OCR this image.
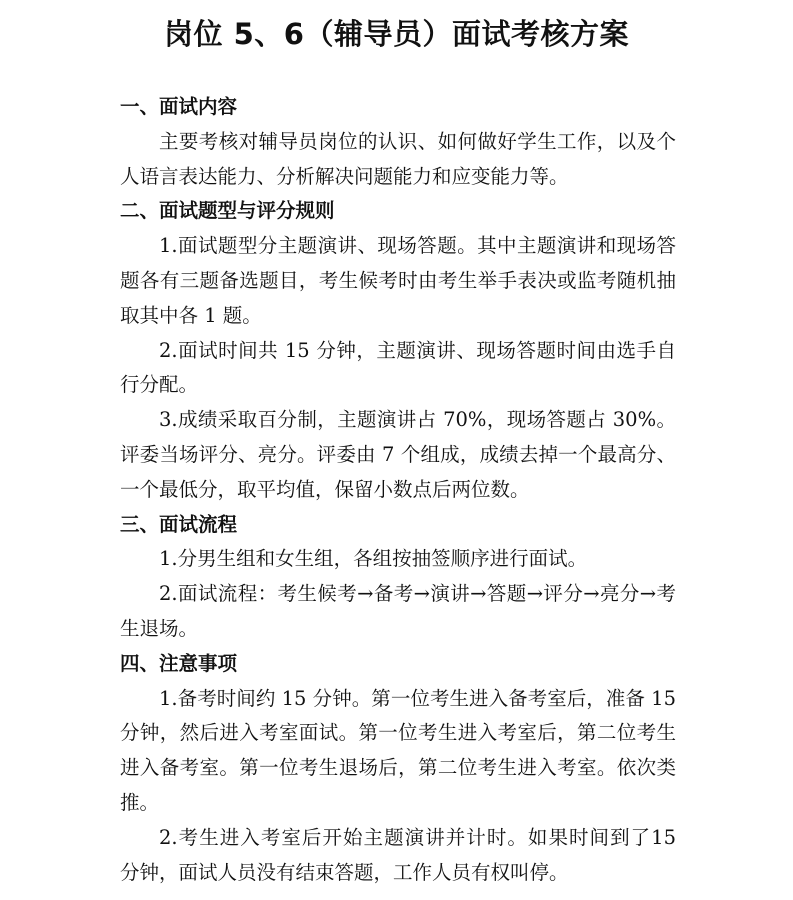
岗位 5、6（辅导员）面试考核方案
一、面试内容
主要考核对辅导员岗位的认识、如何做好学生工作，以及个人语言表达能力、分析解决问题能力和应变能力等。
二、面试题型与评分规则
1.面试题型分主题演讲、现场答题。其中主题演讲和现场答题各有三题备选题目，考生候考时由考生举手表决或监考随机抽取其中各 1 题。
2.面试时间共 15 分钟，主题演讲、现场答题时间由选手自行分配。
3.成绩采取百分制，主题演讲占 70%，现场答题占 30%。评委当场评分、亮分。评委由 7 个组成，成绩去掉一个最高分、一个最低分，取平均值，保留小数点后两位数。
三、面试流程
1.分男生组和女生组，各组按抽签顺序进行面试。
2.面试流程：考生候考→备考→演讲→答题→评分→亮分→考生退场。
四、注意事项
1.备考时间约 15 分钟。第一位考生进入备考室后，准备 15 分钟，然后进入考室面试。第一位考生进入考室后，第二位考生进入备考室。第一位考生退场后，第二位考生进入考室。依次类推。
2.考生进入考室后开始主题演讲并计时。如果时间到了15 分钟，面试人员没有结束答题，工作人员有权叫停。
